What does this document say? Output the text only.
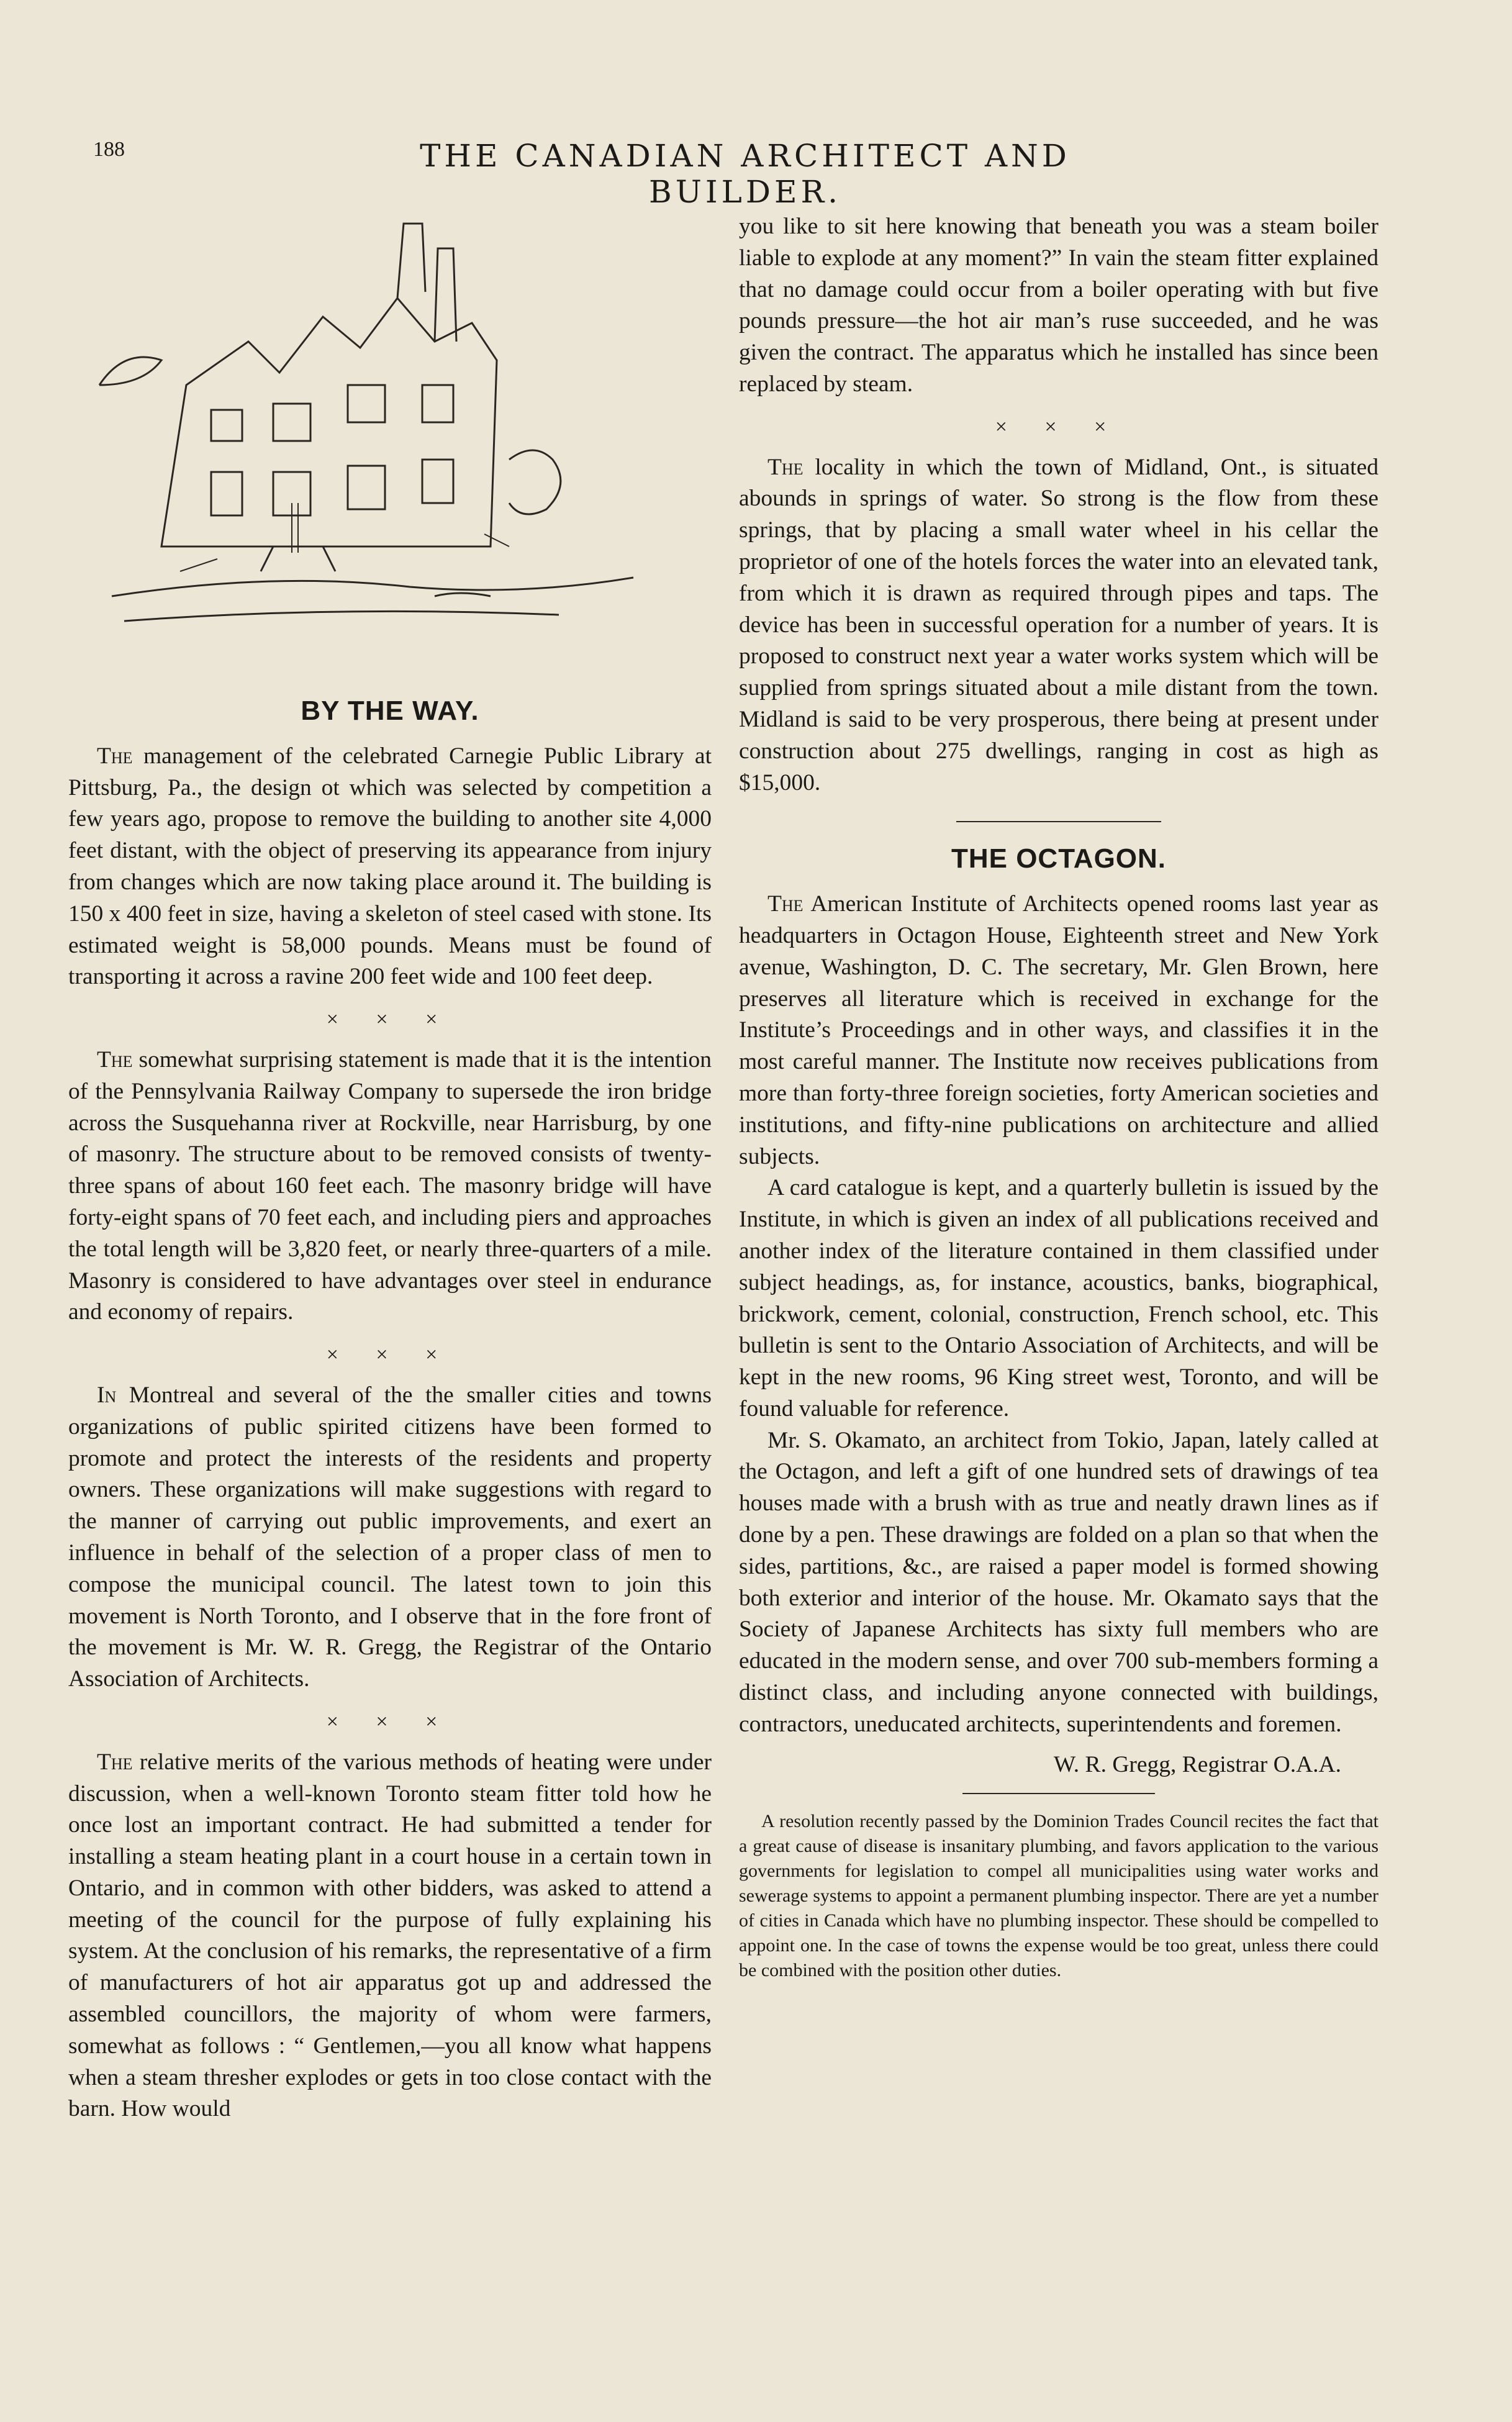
188	THE CANADIAN ARCHITECT AND BUILDER.
BY THE WAY.

The management of the celebrated Carnegie Public Library at Pittsburg, Pa., the design ot which was selected by competition a few years ago, propose to remove the building to another site 4,000 feet distant, with the object of preserving its appearance from injury from changes which are now taking place around it. The building is 150 x 400 feet in size, having a skeleton of steel cased with stone. Its estimated weight is 58,000 pounds. Means must be found of transporting it across a ravine 200 feet wide and 100 feet deep.

× × ×

The somewhat surprising statement is made that it is the intention of the Pennsylvania Railway Company to supersede the iron bridge across the Susquehanna river at Rockville, near Harrisburg, by one of masonry. The structure about to be removed consists of twenty-three spans of about 160 feet each. The masonry bridge will have forty-eight spans of 70 feet each, and including piers and approaches the total length will be 3,820 feet, or nearly three-quarters of a mile. Masonry is considered to have advantages over steel in endurance and economy of repairs.

× × ×

In Montreal and several of the the smaller cities and towns organizations of public spirited citizens have been formed to promote and protect the interests of the residents and property owners. These organizations will make suggestions with regard to the manner of carrying out public improvements, and exert an influence in behalf of the selection of a proper class of men to compose the municipal council. The latest town to join this movement is North Toronto, and I observe that in the fore front of the movement is Mr. W. R. Gregg, the Registrar of the Ontario Association of Architects.

× × ×

The relative merits of the various methods of heating were under discussion, when a well-known Toronto steam fitter told how he once lost an important contract. He had submitted a tender for installing a steam heating plant in a court house in a certain town in Ontario, and in common with other bidders, was asked to attend a meeting of the council for the purpose of fully explaining his system. At the conclusion of his remarks, the representative of a firm of manufacturers of hot air apparatus got up and addressed the assembled councillors, the majority of whom were farmers, somewhat as follows : “ Gentlemen,—you all know what happens when a steam thresher explodes or gets in too close contact with the barn. How would

you like to sit here knowing that beneath you was a steam boiler liable to explode at any moment?” In vain the steam fitter explained that no damage could occur from a boiler operating with but five pounds pressure—the hot air man’s ruse succeeded, and he was given the contract. The apparatus which he installed has since been replaced by steam.

× × ×

The locality in which the town of Midland, Ont., is situated abounds in springs of water. So strong is the flow from these springs, that by placing a small water wheel in his cellar the proprietor of one of the hotels forces the water into an elevated tank, from which it is drawn as required through pipes and taps. The device has been in successful operation for a number of years. It is proposed to construct next year a water works system which will be supplied from springs situated about a mile distant from the town. Midland is said to be very prosperous, there being at present under construction about 275 dwellings, ranging in cost as high as $15,000.

THE OCTAGON.

The American Institute of Architects opened rooms last year as headquarters in Octagon House, Eighteenth street and New York avenue, Washington, D. C. The secretary, Mr. Glen Brown, here preserves all literature which is received in exchange for the Institute’s Proceedings and in other ways, and classifies it in the most careful manner. The Institute now receives publications from more than forty-three foreign societies, forty American societies and institutions, and fifty-nine publications on architecture and allied subjects.

A card catalogue is kept, and a quarterly bulletin is issued by the Institute, in which is given an index of all publications received and another index of the literature contained in them classified under subject headings, as, for instance, acoustics, banks, biographical, brickwork, cement, colonial, construction, French school, etc. This bulletin is sent to the Ontario Association of Architects, and will be kept in the new rooms, 96 King street west, Toronto, and will be found valuable for reference.

Mr. S. Okamato, an architect from Tokio, Japan, lately called at the Octagon, and left a gift of one hundred sets of drawings of tea houses made with a brush with as true and neatly drawn lines as if done by a pen. These drawings are folded on a plan so that when the sides, partitions, &c., are raised a paper model is formed showing both exterior and interior of the house. Mr. Okamato says that the Society of Japanese Architects has sixty full members who are educated in the modern sense, and over 700 sub-members forming a distinct class, and including anyone connected with buildings, contractors, uneducated architects, superintendents and foremen.

W. R. Gregg, Registrar O.A.A.

A resolution recently passed by the Dominion Trades Council recites the fact that a great cause of disease is insanitary plumbing, and favors application to the various governments for legislation to compel all municipalities using water works and sewerage systems to appoint a permanent plumbing inspector. There are yet a number of cities in Canada which have no plumbing inspector. These should be compelled to appoint one. In the case of towns the expense would be too great, unless there could be combined with the position other duties.
